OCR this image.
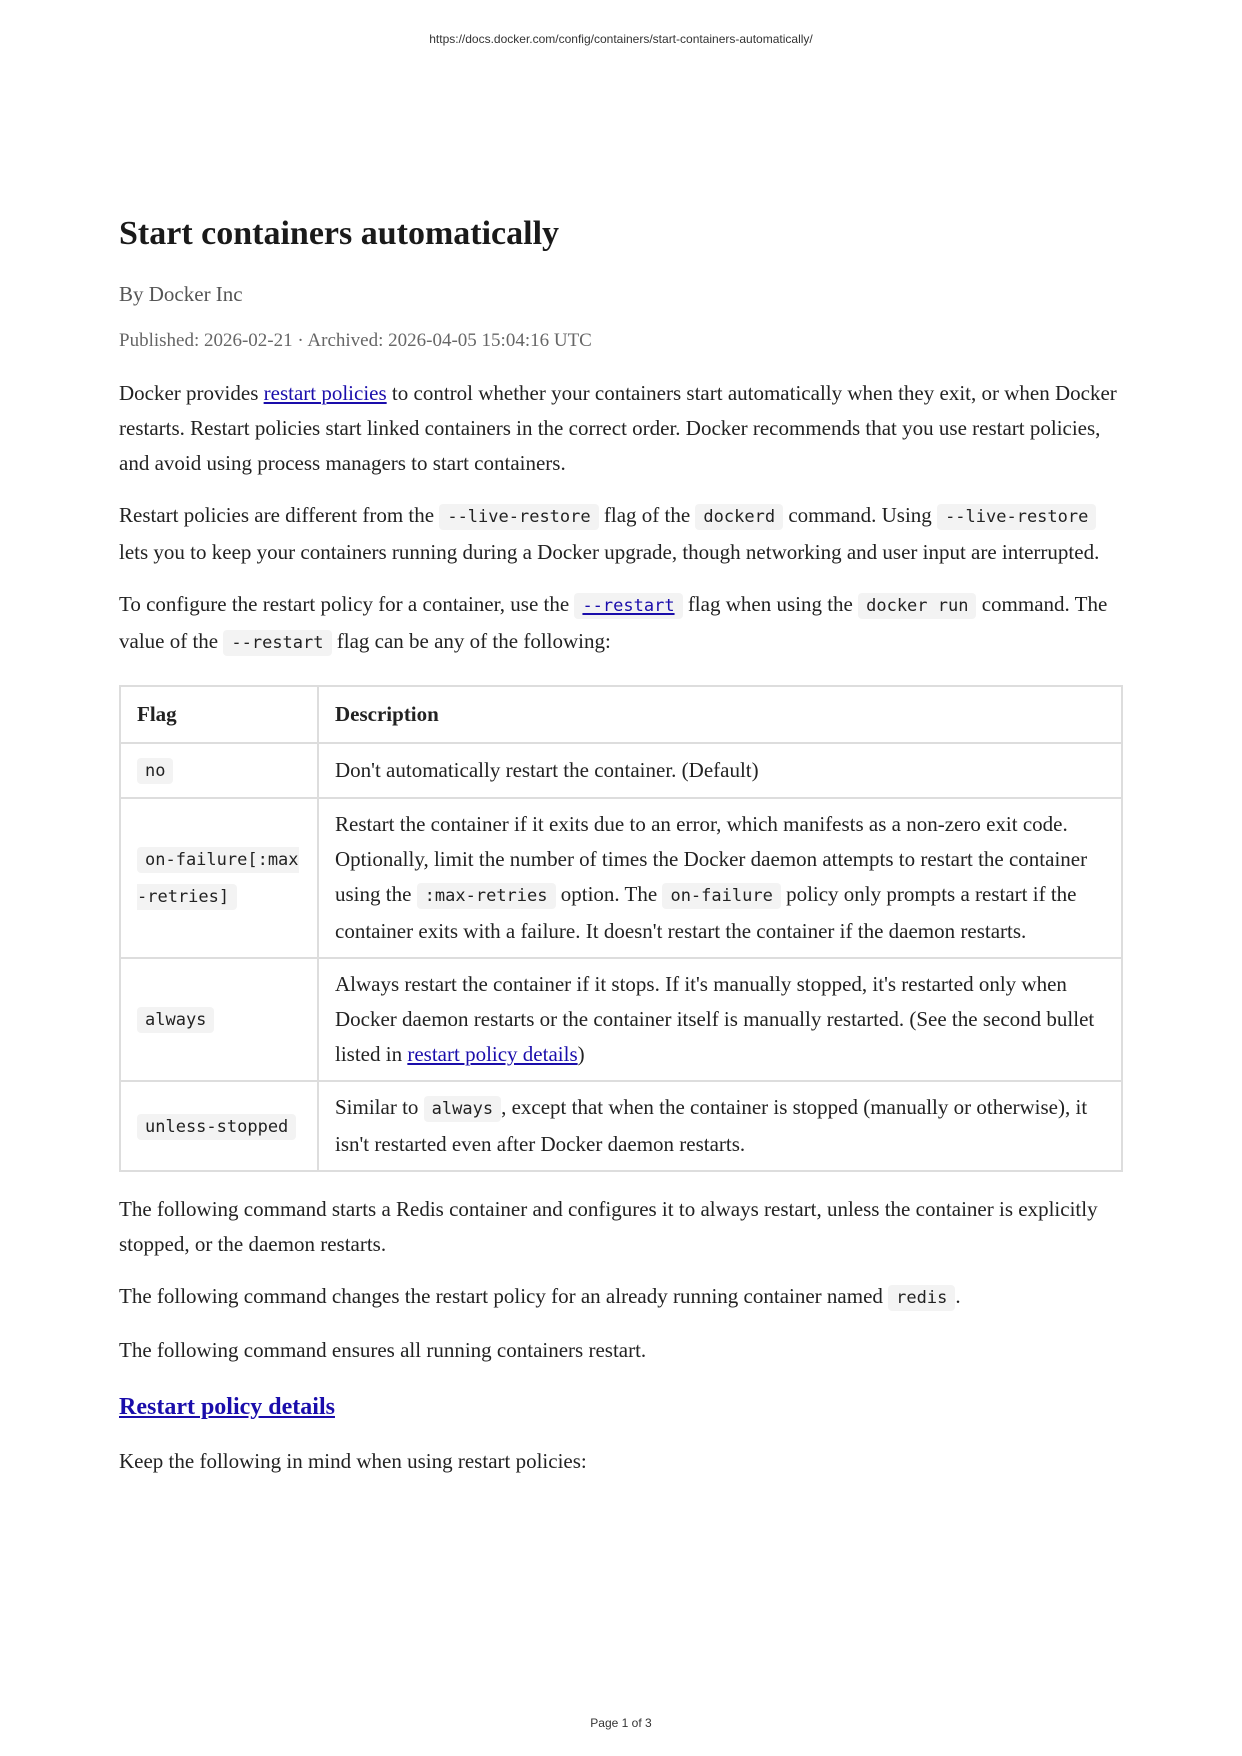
https://docs.docker.com/config/containers/start-containers-automatically/
Start containers automatically
By Docker Inc
Published: 2026-02-21 · Archived: 2026-04-05 15:04:16 UTC

Docker provides restart policies to control whether your containers start automatically when they exit, or when Docker restarts. Restart policies start linked containers in the correct order. Docker recommends that you use restart policies, and avoid using process managers to start containers.

Restart policies are different from the --live-restore flag of the dockerd command. Using --live-restore lets you to keep your containers running during a Docker upgrade, though networking and user input are interrupted.

To configure the restart policy for a container, use the --restart flag when using the docker run command. The value of the --restart flag can be any of the following:

Flag	Description
no	Don't automatically restart the container. (Default)
on-failure[:max-retries]	Restart the container if it exits due to an error, which manifests as a non-zero exit code. Optionally, limit the number of times the Docker daemon attempts to restart the container using the :max-retries option. The on-failure policy only prompts a restart if the container exits with a failure. It doesn't restart the container if the daemon restarts.
always	Always restart the container if it stops. If it's manually stopped, it's restarted only when Docker daemon restarts or the container itself is manually restarted. (See the second bullet listed in restart policy details)
unless-stopped	Similar to always , except that when the container is stopped (manually or otherwise), it isn't restarted even after Docker daemon restarts.

The following command starts a Redis container and configures it to always restart, unless the container is explicitly stopped, or the daemon restarts.

The following command changes the restart policy for an already running container named redis .

The following command ensures all running containers restart.

Restart policy details

Keep the following in mind when using restart policies:

Page 1 of 3
